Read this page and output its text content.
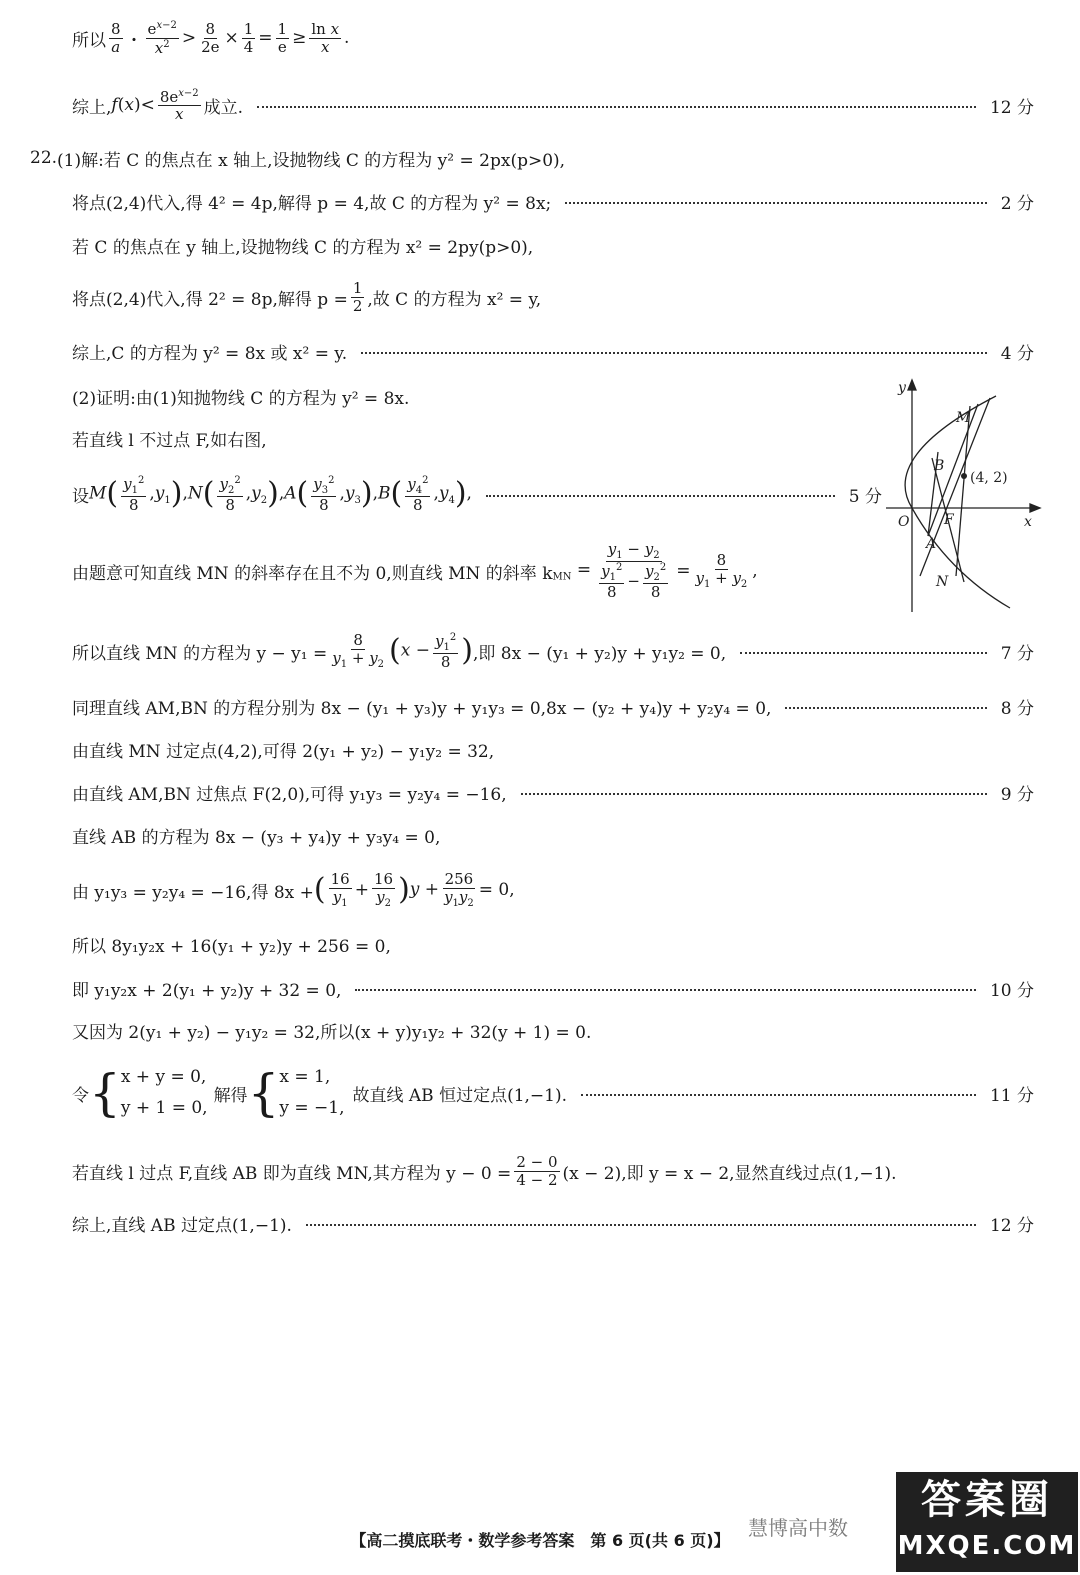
所以 $\frac{8}{a}$ ・ $\frac{e^{x-2}}{x^2} > \frac{8}{2e} \times \frac{1}{4} = \frac{1}{e} \ge \frac{\text{ln x}}{x}$ .
综上, $f(x)< \frac{8e^{x-2}}{x}$ 成立.	12 分
22. (1)解:若 C 的焦点在 x 轴上,设抛物线 C 的方程为 y² = 2px(p>0),
将点(2,4)代入,得 4² = 4p,解得 p = 4,故 C 的方程为 y² = 8x;	2 分
若 C 的焦点在 y 轴上,设抛物线 C 的方程为 x² = 2py(p>0),
将点(2,4)代入,得 2² = 8p,解得 $p = \frac{1}{2}$ ,故 C 的方程为 x² = y,
综上,C 的方程为 y² = 8x 或 x² = y.	4 分
(2)证明:由(1)知抛物线 C 的方程为 y² = 8x.
若直线 l 不过点 F,如右图,
设 $M( \frac{y_1^2}{8} ,y_1),N( \frac{y_2^2}{8} ,y_2),A( \frac{y_3^2}{8} ,y_3),B( \frac{y_4^2}{8} ,y_4)$,	5 分
由题意可知直线 MN 的斜率存在且不为 0,则直线 MN 的斜率 k $_{MN} = \frac{y_1 - y_2}{\frac{y_1^2}{8} - \frac{y_2^2}{8}} = \frac{8}{y_1 + y_2}$ ,
所以直线 MN 的方程为 $y - y_1 = \frac{8}{y_1 + y_2} (x - \frac{y_1^2}{8}$ ) ,即 8x − (y₁ + y₂)y + y₁y₂ = 0,	7 分
同理直线 AM,BN 的方程分别为 8x − (y₁ + y₃)y + y₁y₃ = 0,8x − (y₂ + y₄)y + y₂y₄ = 0,	8 分
由直线 MN 过定点(4,2),可得 2(y₁ + y₂) − y₁y₂ = 32,
由直线 AM,BN 过焦点 F(2,0),可得 y₁y₃ = y₂y₄ = −16,	9 分
直线 AB 的方程为 8x − (y₃ + y₄)y + y₃y₄ = 0,
由 y₁y₃ = y₂y₄ = −16,得 8x + ( $\frac{16}{y_1} + \frac{16}{y_2} )y + \frac{256}{y_1y_2} = 0$,
所以 8y₁y₂x + 16(y₁ + y₂)y + 256 = 0,
即 y₁y₂x + 2(y₁ + y₂)y + 32 = 0,	10 分
又因为 2(y₁ + y₂) − y₁y₂ = 32,所以(x + y)y₁y₂ + 32(y + 1) = 0.
令 { x + y = 0,
y + 1 = 0,
解得 { x = 1,
y = −1,
故直线 AB 恒过定点(1,−1).	11 分
若直线 l 过点 F,直线 AB 即为直线 MN,其方程为 $y - 0 = \frac{2 - 0}{4 - 2} (x - 2)$,即 y = x − 2,显然直线过点(1,−1).
综上,直线 AB 过定点(1,−1).	12 分
y
x
O
M
B
F
A
N
(4, 2)
慧博高中数
答案圈
MXQE.COM
【高二摸底联考・数学参考答案　第 6 页(共 6 页)】
